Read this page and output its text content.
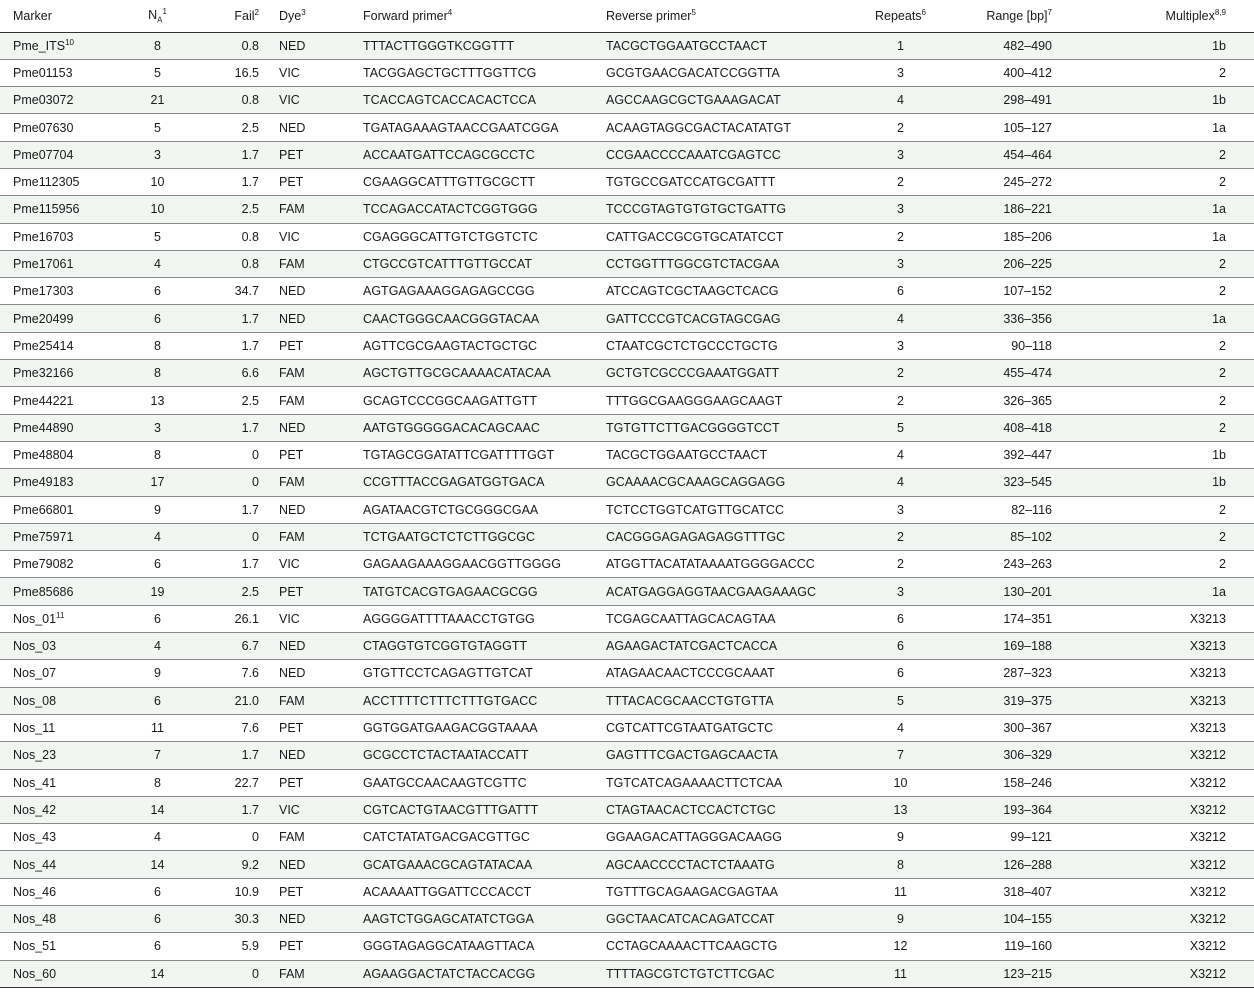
Marker	$N_A^1$	Fail$^2$	Dye$^3$	Forward primer$^4$	Reverse primer$^5$	Repeats$^6$	Range [bp]$^7$	Multiplex$^{8,9}$
Pme_ITS$^{10}$	8	0.8	NED	TTTACTTGGGTKCGGTTT	TACGCTGGAATGCCTAACT	1	482–490	1b
Pme01153	5	16.5	VIC	TACGGAGCTGCTTTGGTTCG	GCGTGAACGACATCCGGTTA	3	400–412	2
Pme03072	21	0.8	VIC	TCACCAGTCACCACACTCCA	AGCCAAGCGCTGAAAGACAT	4	298–491	1b
Pme07630	5	2.5	NED	TGATAGAAAGTAACCGAATCGGA	ACAAGTAGGCGACTACATATGT	2	105–127	1a
Pme07704	3	1.7	PET	ACCAATGATTCCAGCGCCTC	CCGAACCCCAAATCGAGTCC	3	454–464	2
Pme112305	10	1.7	PET	CGAAGGCATTTGTTGCGCTT	TGTGCCGATCCATGCGATTT	2	245–272	2
Pme115956	10	2.5	FAM	TCCAGACCATACTCGGTGGG	TCCCGTAGTGTGTGCTGATTG	3	186–221	1a
Pme16703	5	0.8	VIC	CGAGGGCATTGTCTGGTCTC	CATTGACCGCGTGCATATCCT	2	185–206	1a
Pme17061	4	0.8	FAM	CTGCCGTCATTTGTTGCCAT	CCTGGTTTGGCGTCTACGAA	3	206–225	2
Pme17303	6	34.7	NED	AGTGAGAAAGGAGAGCCGG	ATCCAGTCGCTAAGCTCACG	6	107–152	2
Pme20499	6	1.7	NED	CAACTGGGCAACGGGTACAA	GATTCCCGTCACGTAGCGAG	4	336–356	1a
Pme25414	8	1.7	PET	AGTTCGCGAAGTACTGCTGC	CTAATCGCTCTGCCCTGCTG	3	90–118	2
Pme32166	8	6.6	FAM	AGCTGTTGCGCAAAACATACAA	GCTGTCGCCCGAAATGGATT	2	455–474	2
Pme44221	13	2.5	FAM	GCAGTCCCGGCAAGATTGTT	TTTGGCGAAGGGAAGCAAGT	2	326–365	2
Pme44890	3	1.7	NED	AATGTGGGGGACACAGCAAC	TGTGTTCTTGACGGGGTCCT	5	408–418	2
Pme48804	8	0	PET	TGTAGCGGATATTCGATTTTGGT	TACGCTGGAATGCCTAACT	4	392–447	1b
Pme49183	17	0	FAM	CCGTTTACCGAGATGGTGACA	GCAAAACGCAAAGCAGGAGG	4	323–545	1b
Pme66801	9	1.7	NED	AGATAACGTCTGCGGGCGAA	TCTCCTGGTCATGTTGCATCC	3	82–116	2
Pme75971	4	0	FAM	TCTGAATGCTCTCTTGGCGC	CACGGGAGAGAGAGGTTTGC	2	85–102	2
Pme79082	6	1.7	VIC	GAGAAGAAAGGAACGGTTGGGG	ATGGTTACATATAAAATGGGGACCC	2	243–263	2
Pme85686	19	2.5	PET	TATGTCACGTGAGAACGCGG	ACATGAGGAGGTAACGAAGAAAGC	3	130–201	1a
$Nos\_01^{11}$	6	26.1	VIC	AGGGGATTTTAAACCTGTGG	TCGAGCAATTAGCACAGTAA	6	174–351	X3213
Nos_03	4	6.7	NED	CTAGGTGTCGGTGTAGGTT	AGAAGACTATCGACTCACCA	6	169–188	X3213
Nos_07	9	7.6	NED	GTGTTCCTCAGAGTTGTCAT	ATAGAACAACTCCCGCAAAT	6	287–323	X3213
Nos_08	6	21.0	FAM	ACCTTTTCTTTCTTTGTGACC	TTTACACGCAACCTGTGTTA	5	319–375	X3213
Nos_11	11	7.6	PET	GGTGGATGAAGACGGTAAAA	CGTCATTCGTAATGATGCTC	4	300–367	X3213
Nos_23	7	1.7	NED	GCGCCTCTACTAATACCATT	GAGTTTCGACTGAGCAACTA	7	306–329	X3212
Nos_41	8	22.7	PET	GAATGCCAACAAGTCGTTC	TGTCATCAGAAAACTTCTCAA	10	158–246	X3212
Nos_42	14	1.7	VIC	CGTCACTGTAACGTTTGATTT	CTAGTAACACTCCACTCTGC	13	193–364	X3212
Nos_43	4	0	FAM	CATCTATATGACGACGTTGC	GGAAGACATTAGGGACAAGG	9	99–121	X3212
Nos_44	14	9.2	NED	GCATGAAACGCAGTATACAA	AGCAACCCCTACTCTAAATG	8	126–288	X3212
Nos_46	6	10.9	PET	ACAAAATTGGATTCCCACCT	TGTTTGCAGAAGACGAGTAA	11	318–407	X3212
Nos_48	6	30.3	NED	AAGTCTGGAGCATATCTGGA	GGCTAACATCACAGATCCAT	9	104–155	X3212
Nos_51	6	5.9	PET	GGGTAGAGGCATAAGTTACA	CCTAGCAAAACTTCAAGCTG	12	119–160	X3212
Nos_60	14	0	FAM	AGAAGGACTATCTACCACGG	TTTTAGCGTCTGTCTTCGAC	11	123–215	X3212
